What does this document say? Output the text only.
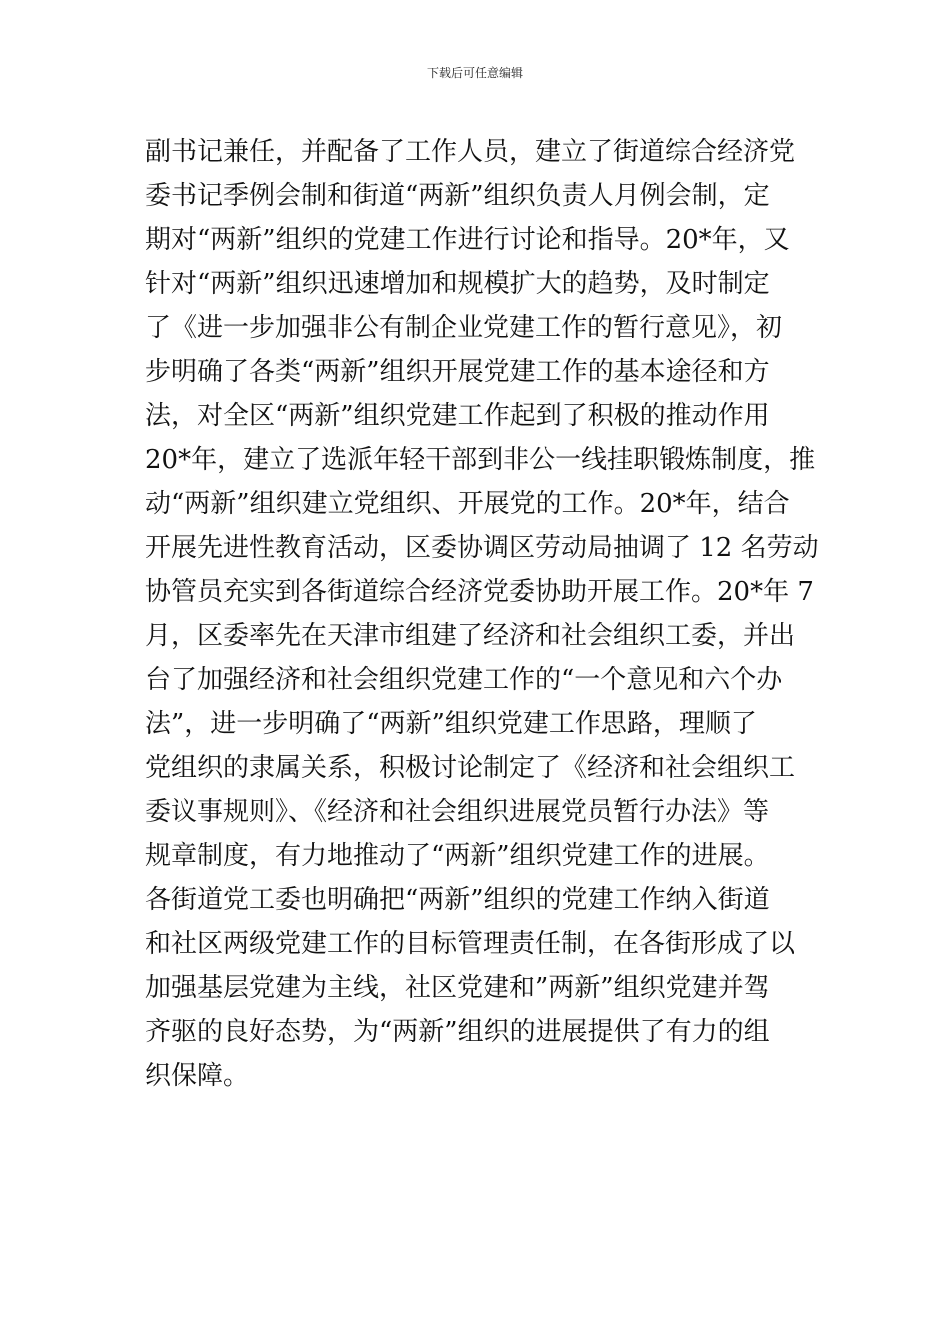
下载后可任意编辑
副书记兼任，并配备了工作人员，建立了街道综合经济党
委书记季例会制和街道“两新”组织负责人月例会制，定
期对“两新”组织的党建工作进行讨论和指导。20*年，又
针对“两新”组织迅速增加和规模扩大的趋势，及时制定
了《进一步加强非公有制企业党建工作的暂行意见》，初
步明确了各类“两新”组织开展党建工作的基本途径和方
法，对全区“两新”组织党建工作起到了积极的推动作用
20*年，建立了选派年轻干部到非公一线挂职锻炼制度，推
动“两新”组织建立党组织、开展党的工作。20*年，结合
开展先进性教育活动，区委协调区劳动局抽调了 12 名劳动
协管员充实到各街道综合经济党委协助开展工作。20*年 7
月，区委率先在天津市组建了经济和社会组织工委，并出
台了加强经济和社会组织党建工作的“一个意见和六个办
法”，进一步明确了“两新”组织党建工作思路，理顺了
党组织的隶属关系，积极讨论制定了《经济和社会组织工
委议事规则》、《经济和社会组织进展党员暂行办法》等
规章制度，有力地推动了“两新”组织党建工作的进展。
各街道党工委也明确把“两新”组织的党建工作纳入街道
和社区两级党建工作的目标管理责任制，在各街形成了以
加强基层党建为主线，社区党建和”两新”组织党建并驾
齐驱的良好态势，为“两新”组织的进展提供了有力的组
织保障。
